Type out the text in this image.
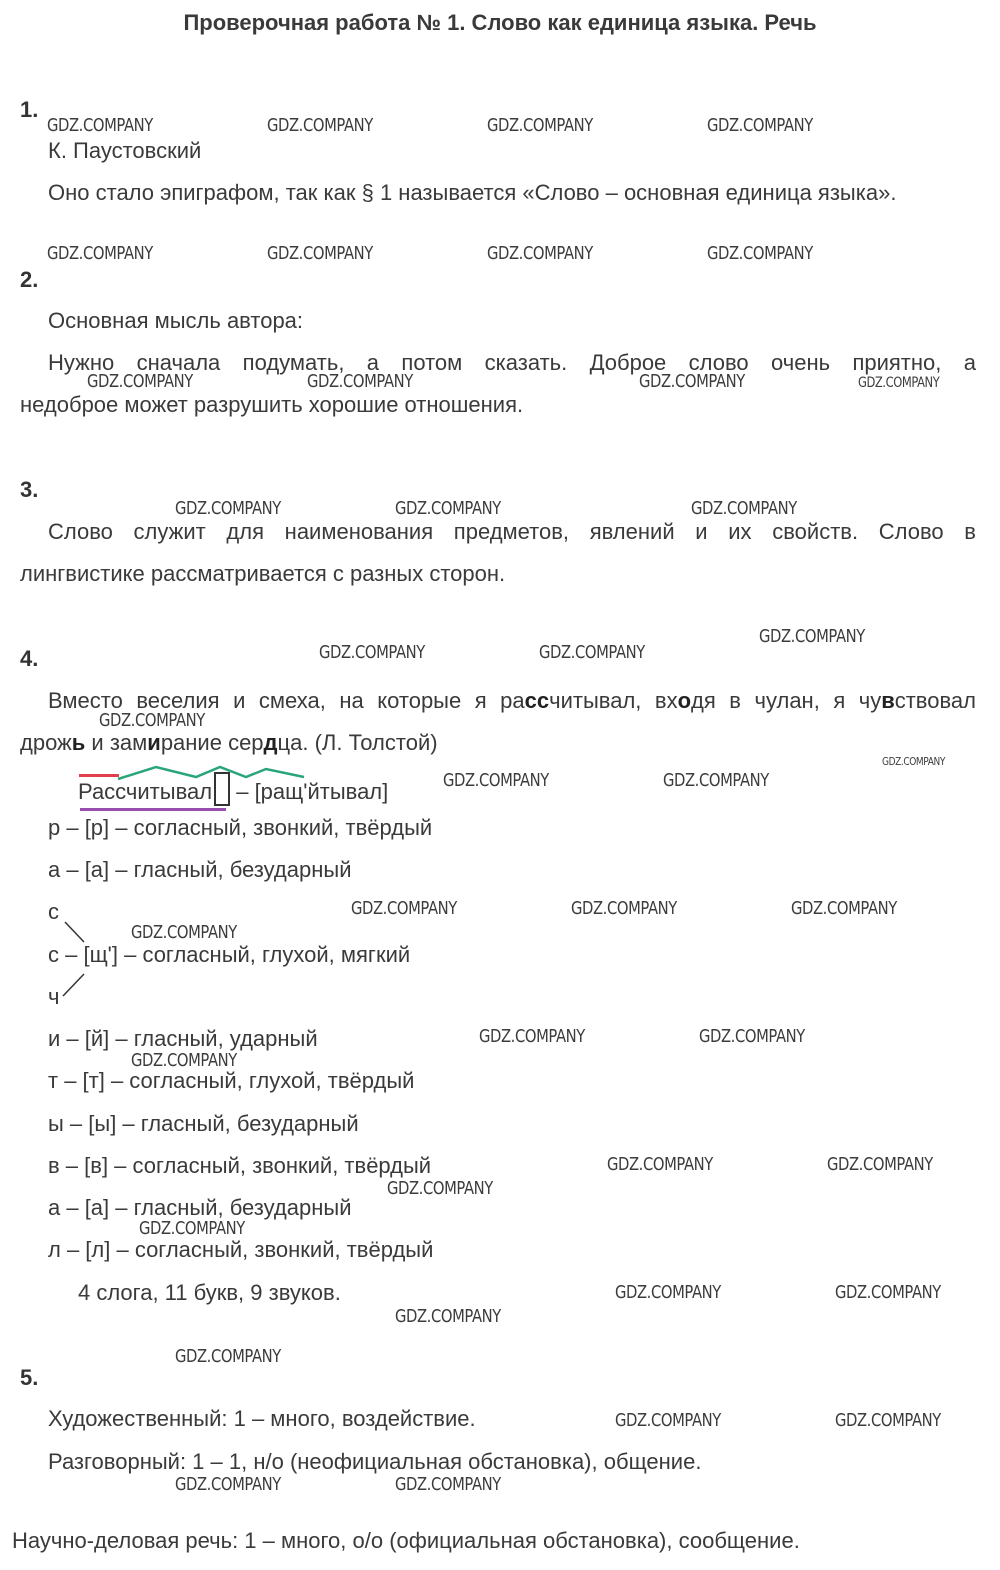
Проверочная работа № 1. Слово как единица языка. Речь
1.
К. Паустовский
Оно стало эпиграфом, так как § 1 называется «Слово – основная единица языка».
2.
Основная мысль автора:
Нужно сначала подумать, а потом сказать. Доброе слово очень приятно, а
недоброе может разрушить хорошие отношения.
3.
Слово служит для наименования предметов, явлений и их свойств. Слово в
лингвистике рассматривается с разных сторон.
4.
Вместо веселия и смеха, на которые я рассчитывал, входя в чулан, я чувствовал
дрожь и замирание сердца. (Л. Толстой)
Рассчитывал – [ращ'йтывал]
р – [р] – согласный, звонкий, твёрдый
а – [а] – гласный, безударный
с
с – [щ'] – согласный, глухой, мягкий
ч
и – [й] – гласный, ударный
т – [т] – согласный, глухой, твёрдый
ы – [ы] – гласный, безударный
в – [в] – согласный, звонкий, твёрдый
а – [а] – гласный, безударный
л – [л] – согласный, звонкий, твёрдый
4 слога, 11 букв, 9 звуков.
5.
Художественный: 1 – много, воздействие.
Разговорный: 1 – 1, н/о (неофициальная обстановка), общение.
Научно-деловая речь: 1 – много, о/о (официальная обстановка), сообщение.
GDZ.COMPANY	GDZ.COMPANY	GDZ.COMPANY	GDZ.COMPANY
GDZ.COMPANY	GDZ.COMPANY	GDZ.COMPANY	GDZ.COMPANY
GDZ.COMPANY	GDZ.COMPANY	GDZ.COMPANY	GDZ.COMPANY
GDZ.COMPANY	GDZ.COMPANY	GDZ.COMPANY
GDZ.COMPANY	GDZ.COMPANY
GDZ.COMPANY
GDZ.COMPANY
GDZ.COMPANY	GDZ.COMPANY
GDZ.COMPANY
GDZ.COMPANY	GDZ.COMPANY	GDZ.COMPANY
GDZ.COMPANY
GDZ.COMPANY	GDZ.COMPANY
GDZ.COMPANY
GDZ.COMPANY	GDZ.COMPANY
GDZ.COMPANY
GDZ.COMPANY
GDZ.COMPANY	GDZ.COMPANY
GDZ.COMPANY
GDZ.COMPANY
GDZ.COMPANY	GDZ.COMPANY
GDZ.COMPANY	GDZ.COMPANY
